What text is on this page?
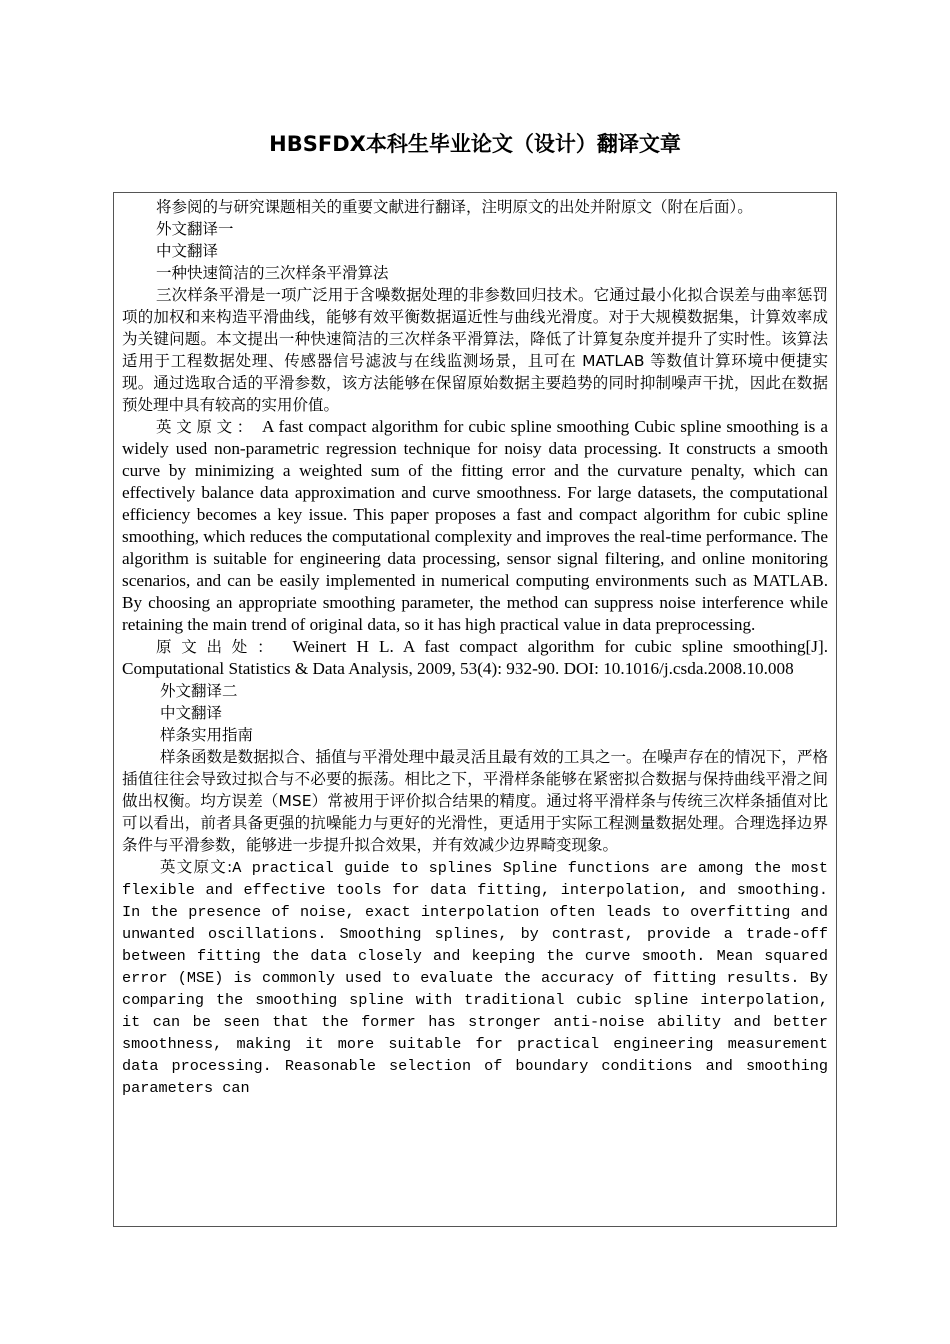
HBSFDX本科生毕业论文（设计）翻译文章

将参阅的与研究课题相关的重要文献进行翻译，注明原文的出处并附原文（附在后面）。

外文翻译一

中文翻译

一种快速简洁的三次样条平滑算法

三次样条平滑是一项广泛用于含噪数据处理的非参数回归技术。它通过最小化拟合误差与曲率惩罚项的加权和来构造平滑曲线，能够有效平衡数据逼近性与曲线光滑度。对于大规模数据集，计算效率成为关键问题。本文提出一种快速简洁的三次样条平滑算法，降低了计算复杂度并提升了实时性。该算法适用于工程数据处理、传感器信号滤波与在线监测场景，且可在 MATLAB 等数值计算环境中便捷实现。通过选取合适的平滑参数，该方法能够在保留原始数据主要趋势的同时抑制噪声干扰，因此在数据预处理中具有较高的实用价值。

英文原文： A fast compact algorithm for cubic spline smoothing Cubic spline smoothing is a widely used non-parametric regression technique for noisy data processing. It constructs a smooth curve by minimizing a weighted sum of the fitting error and the curvature penalty, which can effectively balance data approximation and curve smoothness. For large datasets, the computational efficiency becomes a key issue. This paper proposes a fast and compact algorithm for cubic spline smoothing, which reduces the computational complexity and improves the real-time performance. The algorithm is suitable for engineering data processing, sensor signal filtering, and online monitoring scenarios, and can be easily implemented in numerical computing environments such as MATLAB. By choosing an appropriate smoothing parameter, the method can suppress noise interference while retaining the main trend of original data, so it has high practical value in data preprocessing.

原文出处： Weinert H L. A fast compact algorithm for cubic spline smoothing[J]. Computational Statistics & Data Analysis, 2009, 53(4): 932-90. DOI: 10.1016/j.csda.2008.10.008

外文翻译二

中文翻译

样条实用指南

样条函数是数据拟合、插值与平滑处理中最灵活且最有效的工具之一。在噪声存在的情况下，严格插值往往会导致过拟合与不必要的振荡。相比之下，平滑样条能够在紧密拟合数据与保持曲线平滑之间做出权衡。均方误差（MSE）常被用于评价拟合结果的精度。通过将平滑样条与传统三次样条插值对比可以看出，前者具备更强的抗噪能力与更好的光滑性，更适用于实际工程测量数据处理。合理选择边界条件与平滑参数，能够进一步提升拟合效果，并有效减少边界畸变现象。

英文原文:A practical guide to splines Spline functions are among the most flexible and effective tools for data fitting, interpolation, and smoothing. In the presence of noise, exact interpolation often leads to overfitting and unwanted oscillations. Smoothing splines, by contrast, provide a trade-off between fitting the data closely and keeping the curve smooth. Mean squared error (MSE) is commonly used to evaluate the accuracy of fitting results. By comparing the smoothing spline with traditional cubic spline interpolation, it can be seen that the former has stronger anti-noise ability and better smoothness, making it more suitable for practical engineering measurement data processing. Reasonable selection of boundary conditions and smoothing parameters can
